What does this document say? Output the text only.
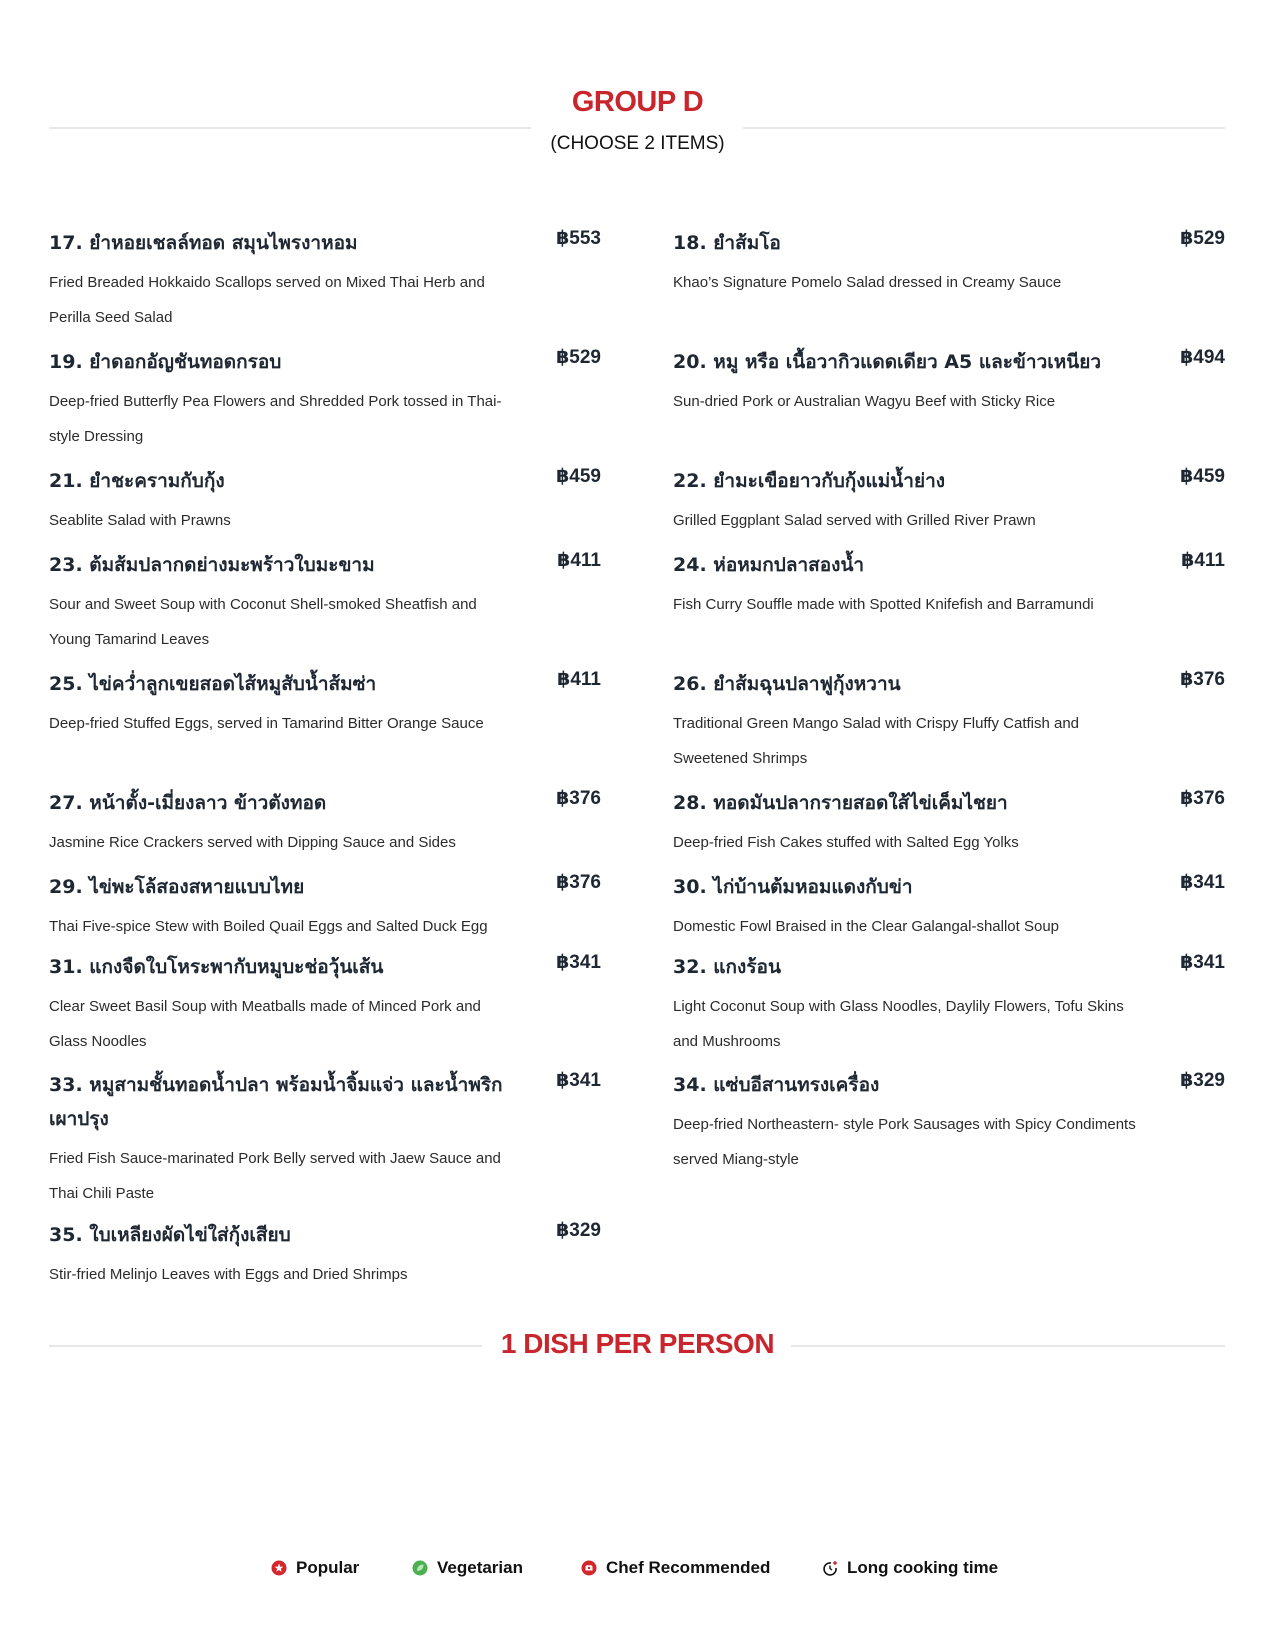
GROUP D
(CHOOSE 2 ITEMS)
17. ยำหอยเชลล์ทอด สมุนไพรงาหอม	฿553
Fried Breaded Hokkaido Scallops served on Mixed Thai Herb and Perilla Seed Salad
18. ยำส้มโอ	฿529
Khao’s Signature Pomelo Salad dressed in Creamy Sauce
19. ยำดอกอัญชันทอดกรอบ	฿529
Deep-fried Butterfly Pea Flowers and Shredded Pork tossed in Thai-style Dressing
20. หมู หรือ เนื้อวากิวแดดเดียว A5 และข้าวเหนียว	฿494
Sun-dried Pork or Australian Wagyu Beef with Sticky Rice
21. ยำชะครามกับกุ้ง	฿459
Seablite Salad with Prawns
22. ยำมะเขือยาวกับกุ้งแม่น้ำย่าง	฿459
Grilled Eggplant Salad served with Grilled River Prawn
23. ต้มส้มปลากดย่างมะพร้าวใบมะขาม	฿411
Sour and Sweet Soup with Coconut Shell-smoked Sheatfish and Young Tamarind Leaves
24. ห่อหมกปลาสองน้ำ	฿411
Fish Curry Souffle made with Spotted Knifefish and Barramundi
25. ไข่คว่ำลูกเขยสอดไส้หมูสับน้ำส้มซ่า	฿411
Deep-fried Stuffed Eggs, served in Tamarind Bitter Orange Sauce
26. ยำส้มฉุนปลาฟูกุ้งหวาน	฿376
Traditional Green Mango Salad with Crispy Fluffy Catfish and Sweetened Shrimps
27. หน้าตั้ง-เมี่ยงลาว ข้าวตังทอด	฿376
Jasmine Rice Crackers served with Dipping Sauce and Sides
28. ทอดมันปลากรายสอดใส้ไข่เค็มไชยา	฿376
Deep-fried Fish Cakes stuffed with Salted Egg Yolks
29. ไข่พะโล้สองสหายแบบไทย	฿376
Thai Five-spice Stew with Boiled Quail Eggs and Salted Duck Egg
30. ไก่บ้านต้มหอมแดงกับข่า	฿341
Domestic Fowl Braised in the Clear Galangal-shallot Soup
31. แกงจืดใบโหระพากับหมูบะช่อวุ้นเส้น	฿341
Clear Sweet Basil Soup with Meatballs made of Minced Pork and Glass Noodles
32. แกงร้อน	฿341
Light Coconut Soup with Glass Noodles, Daylily Flowers, Tofu Skins and Mushrooms
33. หมูสามชั้นทอดน้ำปลา พร้อมน้ำจิ้มแจ่ว และน้ำพริกเผาปรุง
฿341
Fried Fish Sauce-marinated Pork Belly served with Jaew Sauce and Thai Chili Paste
34. แซ่บอีสานทรงเครื่อง	฿329
Deep-fried Northeastern- style Pork Sausages with Spicy Condiments served Miang-style
35. ใบเหลียงผัดไข่ใส่กุ้งเสียบ	฿329
Stir-fried Melinjo Leaves with Eggs and Dried Shrimps
1 DISH PER PERSON
Popular	Vegetarian	Chef Recommended	Long cooking time
